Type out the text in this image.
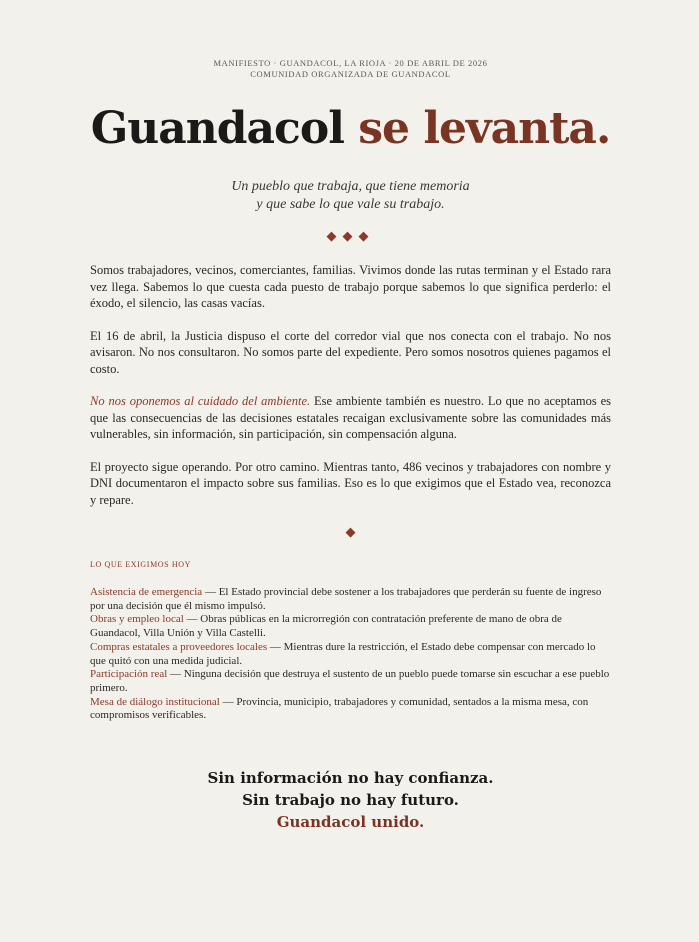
MANIFIESTO · GUANDACOL, LA RIOJA · 20 DE ABRIL DE 2026
COMUNIDAD ORGANIZADA DE GUANDACOL
Guandacol se levanta.
Un pueblo que trabaja, que tiene memoria
y que sabe lo que vale su trabajo.
◆◆◆

Somos trabajadores, vecinos, comerciantes, familias. Vivimos donde las rutas terminan y el Estado rara vez llega. Sabemos lo que cuesta cada puesto de trabajo porque sabemos lo que significa perderlo: el éxodo, el silencio, las casas vacías.

El 16 de abril, la Justicia dispuso el corte del corredor vial que nos conecta con el trabajo. No nos avisaron. No nos consultaron. No somos parte del expediente. Pero somos nosotros quienes pagamos el costo.

No nos oponemos al cuidado del ambiente. Ese ambiente también es nuestro. Lo que no aceptamos es que las consecuencias de las decisiones estatales recaigan exclusivamente sobre las comunidades más vulnerables, sin información, sin participación, sin compensación alguna.

El proyecto sigue operando. Por otro camino. Mientras tanto, 486 vecinos y trabajadores con nombre y DNI documentaron el impacto sobre sus familias. Eso es lo que exigimos que el Estado vea, reconozca y repare.

◆
LO QUE EXIGIMOS HOY

Asistencia de emergencia — El Estado provincial debe sostener a los trabajadores que perderán su fuente de ingreso por una decisión que él mismo impulsó.

Obras y empleo local — Obras públicas en la microrregión con contratación preferente de mano de obra de Guandacol, Villa Unión y Villa Castelli.

Compras estatales a proveedores locales — Mientras dure la restricción, el Estado debe compensar con mercado lo que quitó con una medida judicial.

Participación real — Ninguna decisión que destruya el sustento de un pueblo puede tomarse sin escuchar a ese pueblo primero.

Mesa de diálogo institucional — Provincia, municipio, trabajadores y comunidad, sentados a la misma mesa, con compromisos verificables.

Sin información no hay confianza.
Sin trabajo no hay futuro.
Guandacol unido.
